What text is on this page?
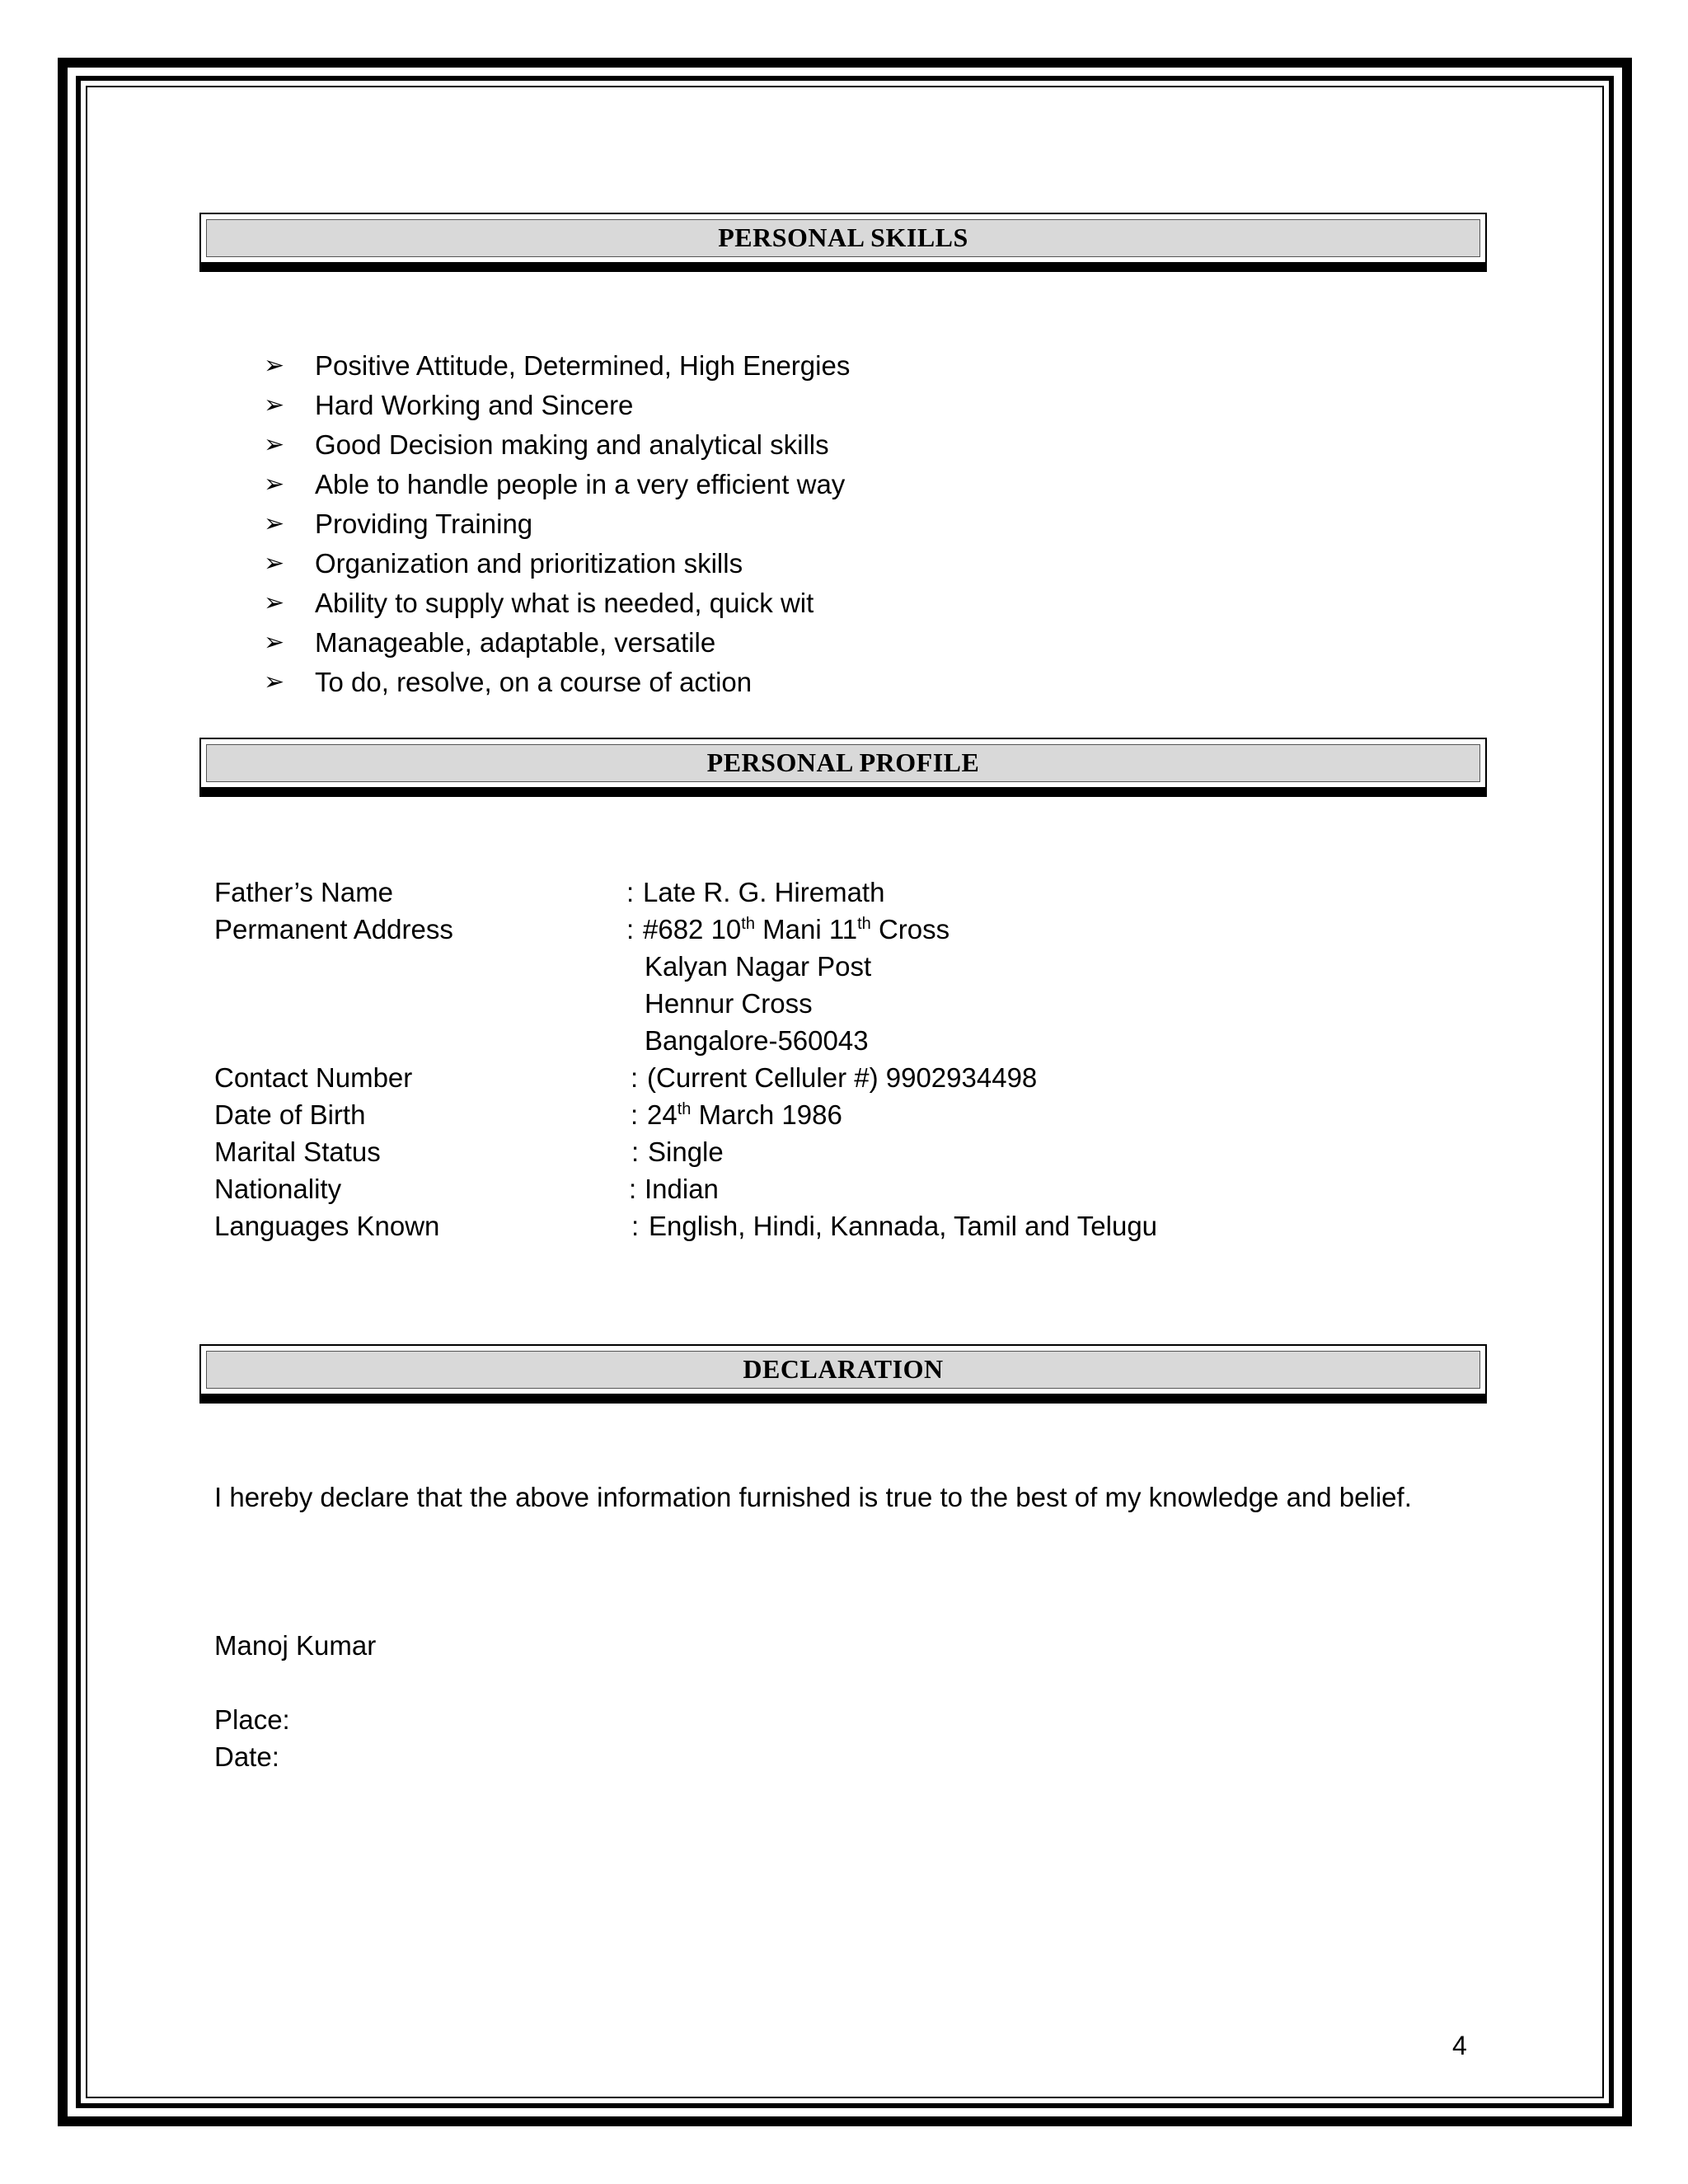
PERSONAL SKILLS
➢ Positive Attitude, Determined, High Energies
➢ Hard Working and Sincere
➢ Good Decision making and analytical skills
➢ Able to handle people in a very efficient way
➢ Providing Training
➢ Organization and prioritization skills
➢ Ability to supply what is needed, quick wit
➢ Manageable, adaptable, versatile
➢ To do, resolve, on a course of action
PERSONAL PROFILE
Father’s Name	: Late R. G. Hiremath
Permanent Address	: #682 10th Mani 11th Cross
Kalyan Nagar Post
Hennur Cross
Bangalore-560043
Contact Number	: (Current Celluler #) 9902934498
Date of Birth	: 24th March 1986
Marital Status	: Single
Nationality	: Indian
Languages Known	: English, Hindi, Kannada, Tamil and Telugu
DECLARATION
I hereby declare that the above information furnished is true to the best of my knowledge and belief.
Manoj Kumar
Place:
Date:
4
